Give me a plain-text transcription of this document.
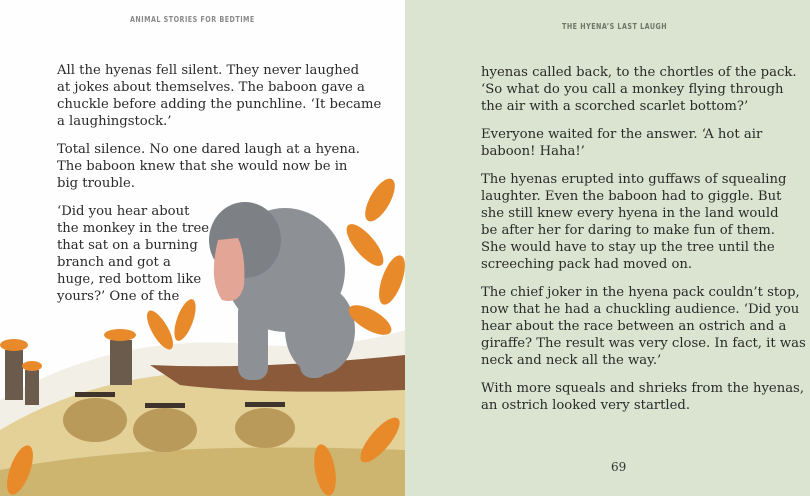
ANIMAL STORIES FOR BEDTIME

All the hyenas fell silent. They never laughed
at jokes about themselves. The baboon gave a
chuckle before adding the punchline. ‘It became
a laughingstock.’

Total silence. No one dared laugh at a hyena.
The baboon knew that she would now be in
big trouble.

‘Did you hear about
the monkey in the tree
that sat on a burning
branch and got a
huge, red bottom like
yours?’ One of the

THE HYENA’S LAST LAUGH

hyenas called back, to the chortles of the pack.
‘So what do you call a monkey flying through
the air with a scorched scarlet bottom?’

Everyone waited for the answer. ‘A hot air
baboon! Haha!’

The hyenas erupted into guffaws of squealing
laughter. Even the baboon had to giggle. But
she still knew every hyena in the land would
be after her for daring to make fun of them.
She would have to stay up the tree until the
screeching pack had moved on.

The chief joker in the hyena pack couldn’t stop,
now that he had a chuckling audience. ‘Did you
hear about the race between an ostrich and a
giraffe? The result was very close. In fact, it was
neck and neck all the way.’

With more squeals and shrieks from the hyenas,
an ostrich looked very startled.

69
